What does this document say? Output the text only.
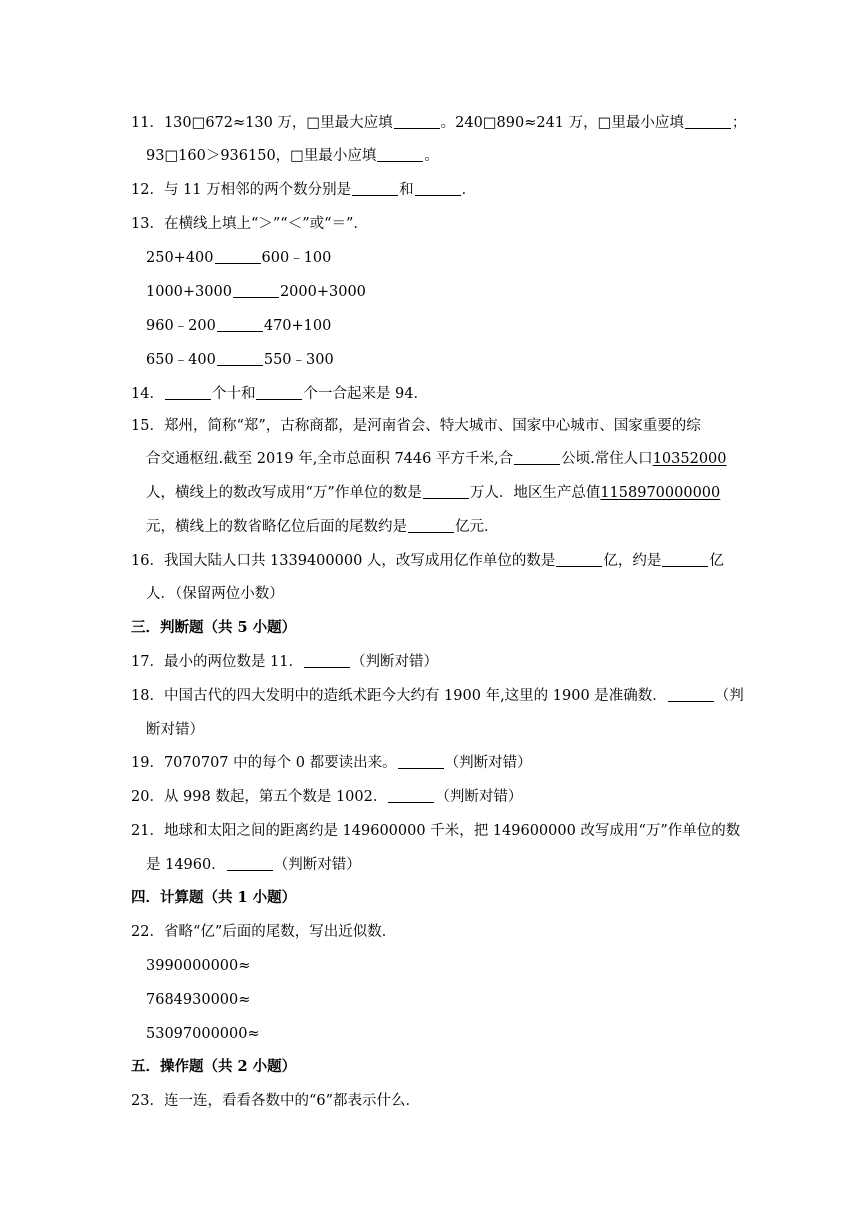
11．130□672≈130 万，□里最大应填	。240□890≈241 万，□里最小应填	；
93□160＞936150，□里最小应填	。
12．与 11 万相邻的两个数分别是	和	．
13．在横线上填上“＞”“＜”或“＝”．
250+400	600﹣100
1000+3000	2000+3000
960﹣200	470+100
650﹣400	550﹣300
14．	个十和	个一合起来是 94．
15．郑州，简称“郑”，古称商都，是河南省会、特大城市、国家中心城市、国家重要的综
合交通枢纽.截至 2019 年,全市总面积 7446 平方千米,合	公顷.常住人口10352000
人，横线上的数改写成用“万”作单位的数是	万人．地区生产总值1158970000000
元，横线上的数省略亿位后面的尾数约是	亿元．
16．我国大陆人口共 1339400000 人，改写成用亿作单位的数是	亿，约是	亿
人．（保留两位小数）
三．判断题（共 5 小题）
17．最小的两位数是 11．	（判断对错）
18．中国古代的四大发明中的造纸术距今大约有 1900 年,这里的 1900 是准确数．	（判
断对错）
19．7070707 中的每个 0 都要读出来。	（判断对错）
20．从 998 数起，第五个数是 1002．	（判断对错）
21．地球和太阳之间的距离约是 149600000 千米，把 149600000 改写成用“万”作单位的数
是 14960．	（判断对错）
四．计算题（共 1 小题）
22．省略“亿”后面的尾数，写出近似数．
3990000000≈
7684930000≈
53097000000≈
五．操作题（共 2 小题）
23．连一连，看看各数中的“6”都表示什么．
